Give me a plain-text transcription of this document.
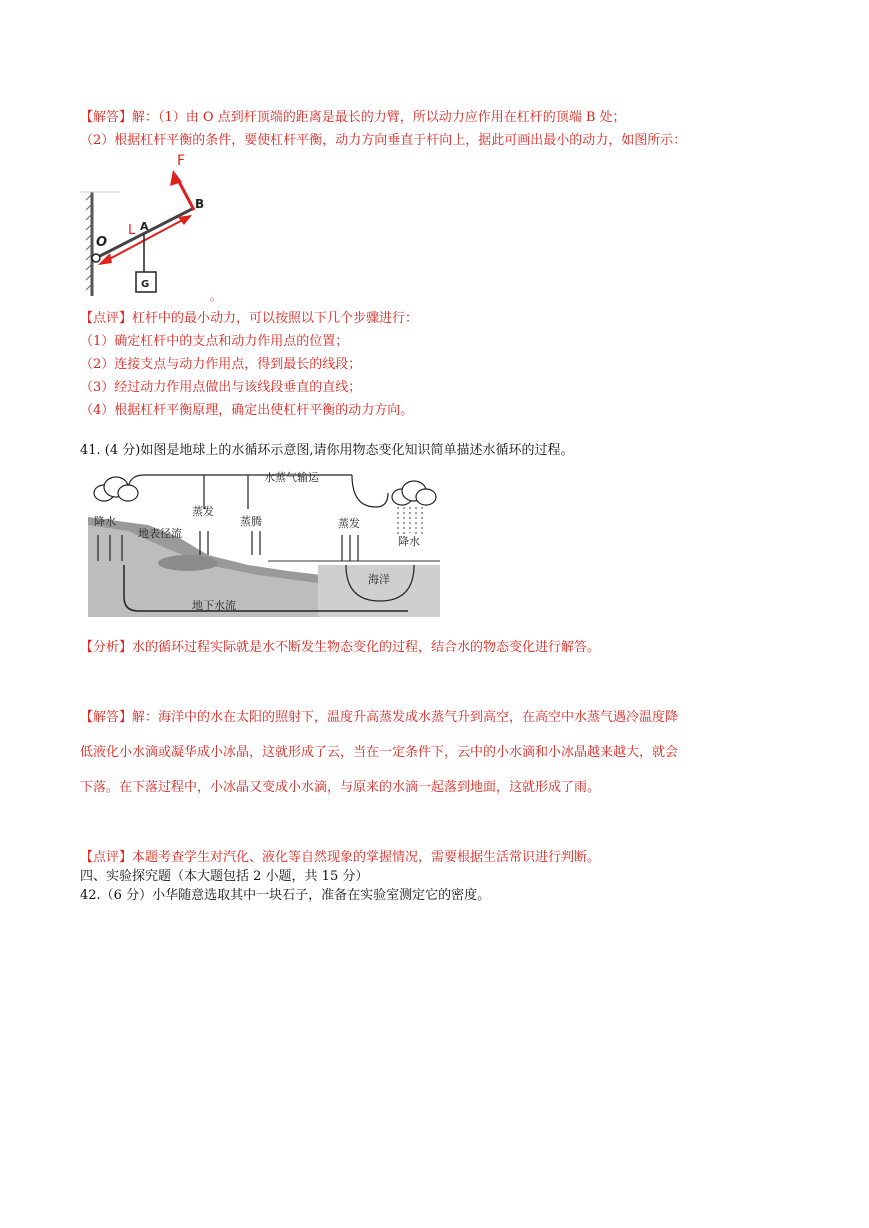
【解答】解：（1）由 O 点到杆顶端的距离是最长的力臂，所以动力应作用在杠杆的顶端 B 处；
（2）根据杠杆平衡的条件，要使杠杆平衡，动力方向垂直于杆向上，据此可画出最小的动力，如图所示：
G
F
B
A
O
L
。
【点评】杠杆中的最小动力，可以按照以下几个步骤进行：
（1）确定杠杆中的支点和动力作用点的位置；
（2）连接支点与动力作用点，得到最长的线段；
（3）经过动力作用点做出与该线段垂直的直线；
（4）根据杠杆平衡原理，确定出使杠杆平衡的动力方向。
41. (4 分)如图是地球上的水循环示意图,请你用物态变化知识简单描述水循环的过程。
水蒸气输运
降水
地表径流
蒸发
蒸腾	蒸发
降水
海洋
地下水流
【分析】水的循环过程实际就是水不断发生物态变化的过程，结合水的物态变化进行解答。
【解答】解：海洋中的水在太阳的照射下，温度升高蒸发成水蒸气升到高空，在高空中水蒸气遇冷温度降
低液化小水滴或凝华成小冰晶，这就形成了云，当在一定条件下，云中的小水滴和小冰晶越来越大，就会
下落。在下落过程中，小冰晶又变成小水滴，与原来的水滴一起落到地面，这就形成了雨。
【点评】本题考查学生对汽化、液化等自然现象的掌握情况，需要根据生活常识进行判断。
四、实验探究题（本大题包括 2 小题，共 15 分）
42.（6 分）小华随意选取其中一块石子，准备在实验室测定它的密度。
